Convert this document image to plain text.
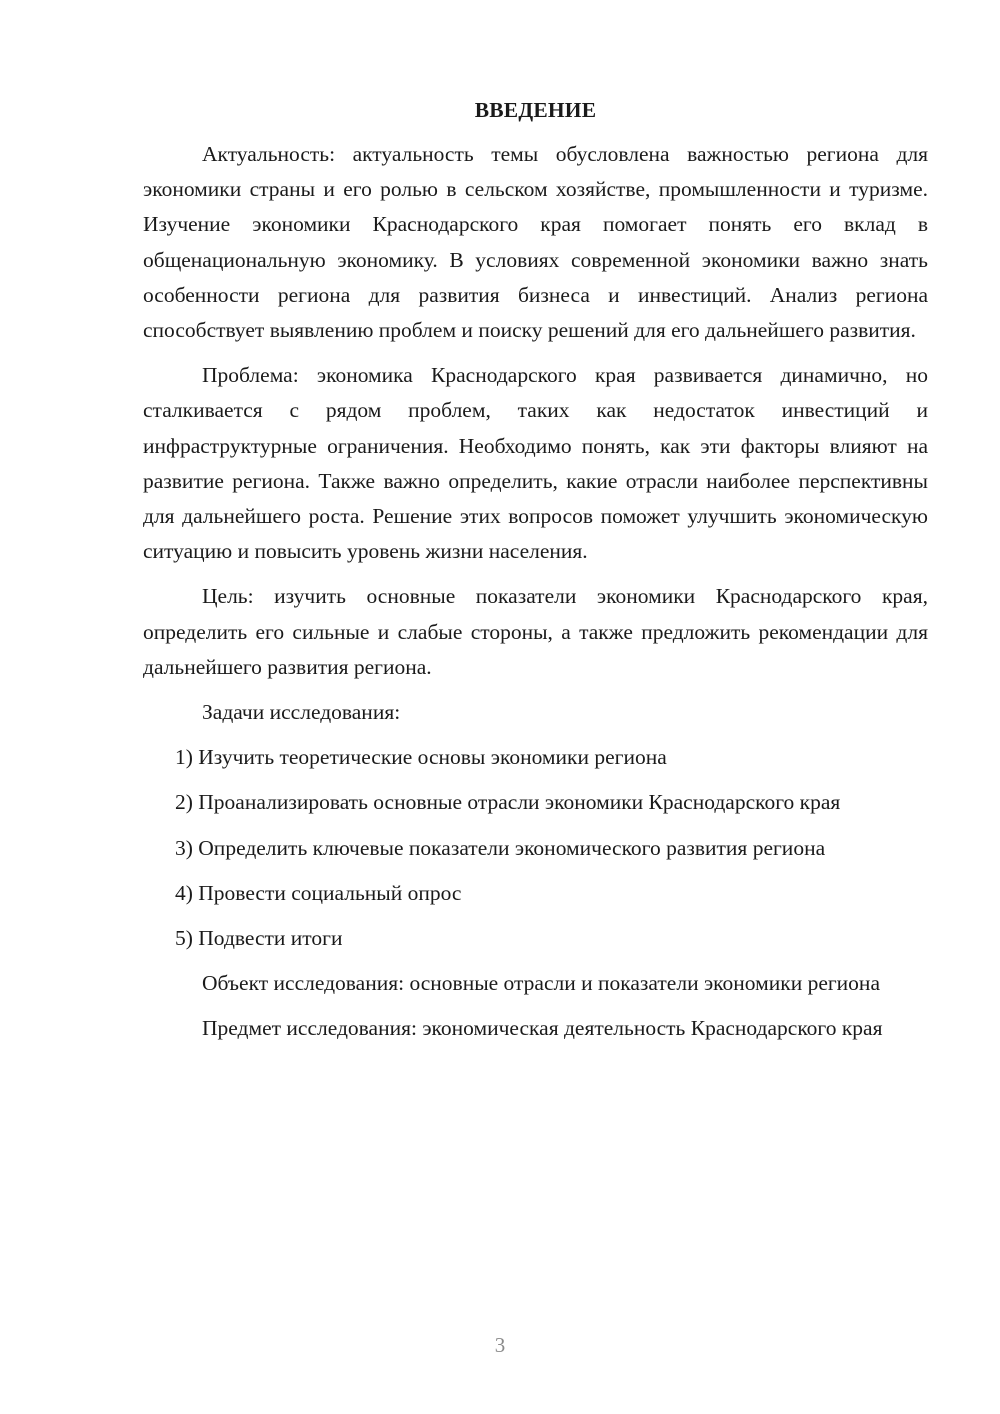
ВВЕДЕНИЕ

Актуальность: актуальность темы обусловлена важностью региона для экономики страны и его ролью в сельском хозяйстве, промышленности и туризме. Изучение экономики Краснодарского края помогает понять его вклад в общенациональную экономику. В условиях современной экономики важно знать особенности региона для развития бизнеса и инвестиций. Анализ региона способствует выявлению проблем и поиску решений для его дальнейшего развития.

Проблема: экономика Краснодарского края развивается динамично, но сталкивается с рядом проблем, таких как недостаток инвестиций и инфраструктурные ограничения. Необходимо понять, как эти факторы влияют на развитие региона. Также важно определить, какие отрасли наиболее перспективны для дальнейшего роста. Решение этих вопросов поможет улучшить экономическую ситуацию и повысить уровень жизни населения.

Цель: изучить основные показатели экономики Краснодарского края, определить его сильные и слабые стороны, а также предложить рекомендации для дальнейшего развития региона.

Задачи исследования:

1) Изучить теоретические основы экономики региона

2) Проанализировать основные отрасли экономики Краснодарского края

3) Определить ключевые показатели экономического развития региона

4) Провести социальный опрос

5) Подвести итоги

Объект исследования: основные отрасли и показатели экономики региона

Предмет исследования: экономическая деятельность Краснодарского края

3
